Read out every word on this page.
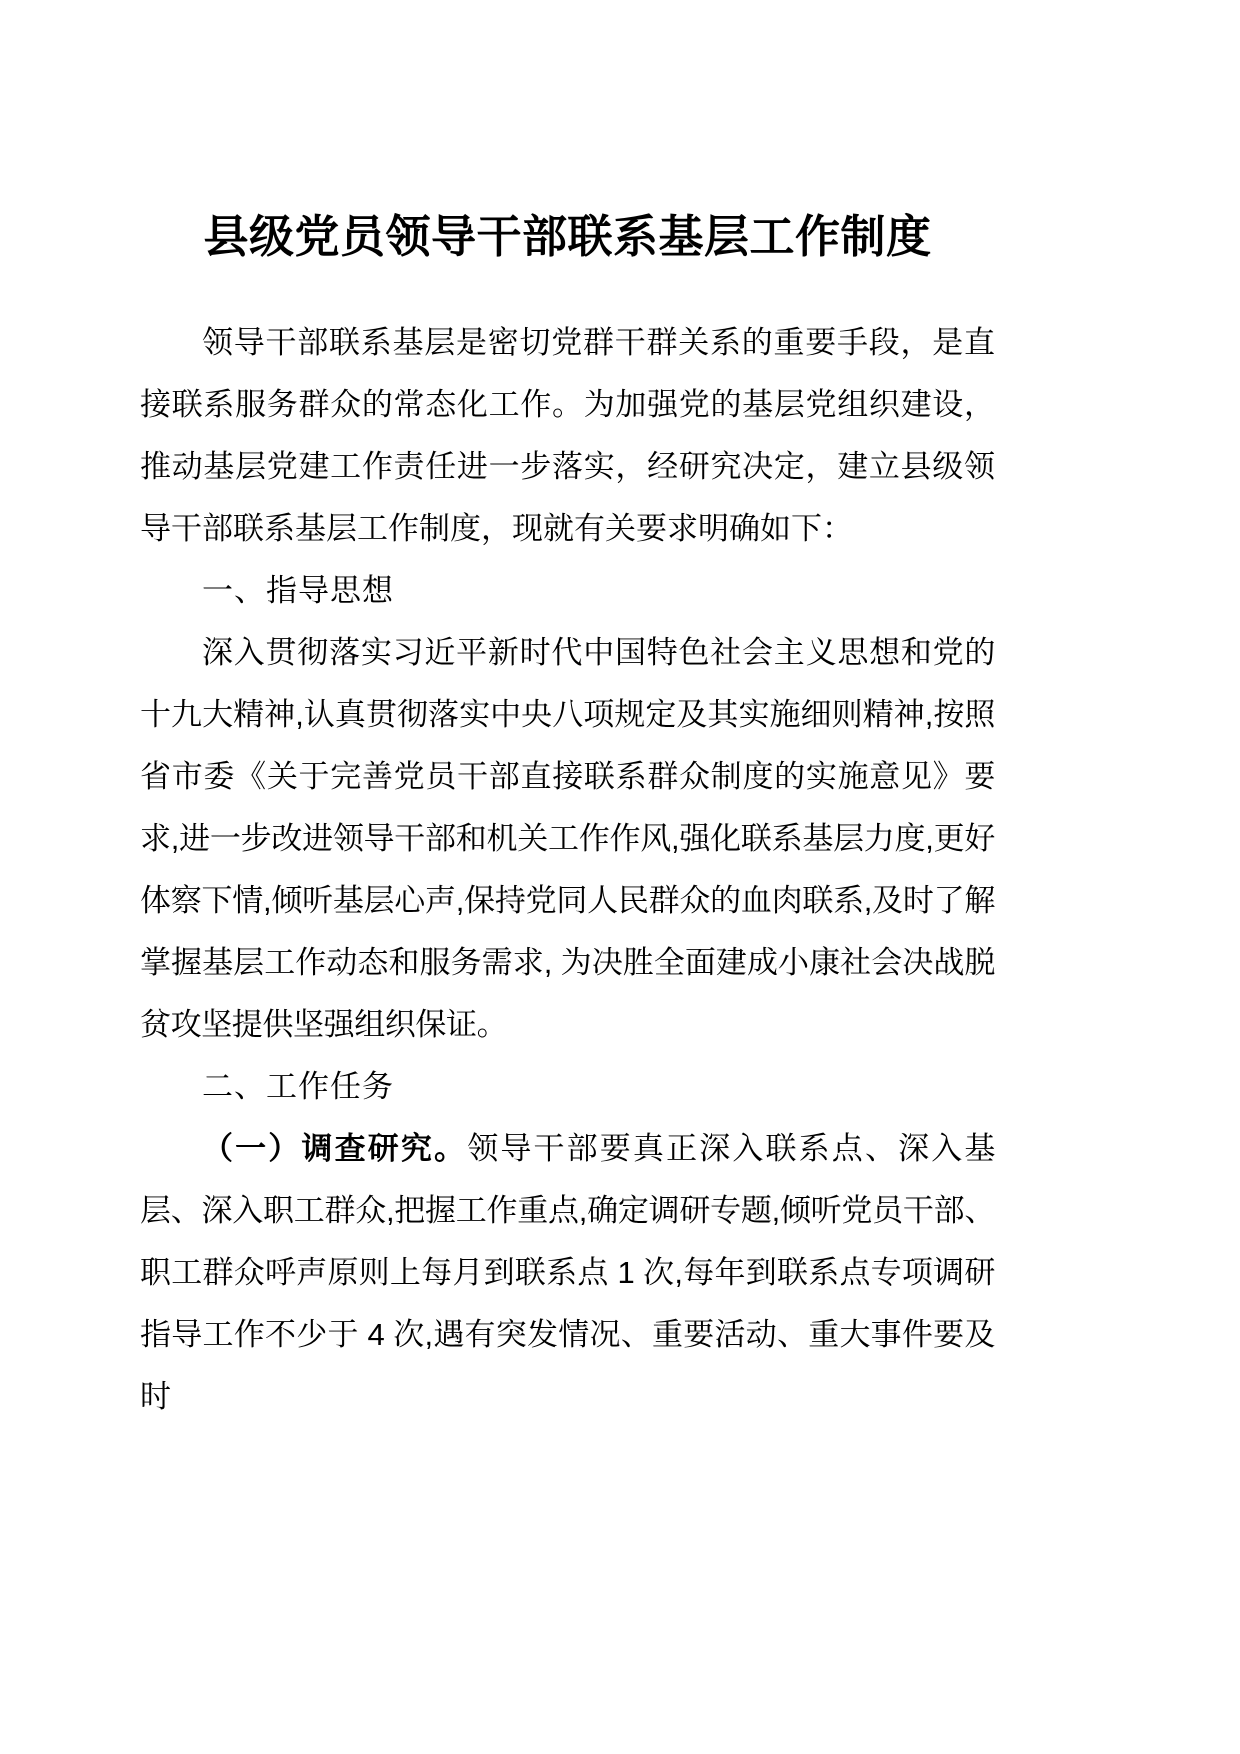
县级党员领导干部联系基层工作制度

领导干部联系基层是密切党群干群关系的重要手段，是直接联系服务群众的常态化工作。为加强党的基层党组织建设，推动基层党建工作责任进一步落实，经研究决定，建立县级领导干部联系基层工作制度，现就有关要求明确如下：

一、指导思想

深入贯彻落实习近平新时代中国特色社会主义思想和党的十九大精神,认真贯彻落实中央八项规定及其实施细则精神,按照省市委《关于完善党员干部直接联系群众制度的实施意见》要求,进一步改进领导干部和机关工作作风,强化联系基层力度,更好体察下情,倾听基层心声,保持党同人民群众的血肉联系,及时了解掌握基层工作动态和服务需求, 为决胜全面建成小康社会决战脱贫攻坚提供坚强组织保证。

二、工作任务

（一）调查研究。领导干部要真正深入联系点、深入基层、深入职工群众,把握工作重点,确定调研专题,倾听党员干部、职工群众呼声原则上每月到联系点 1 次,每年到联系点专项调研指导工作不少于 4 次,遇有突发情况、重要活动、重大事件要及时
